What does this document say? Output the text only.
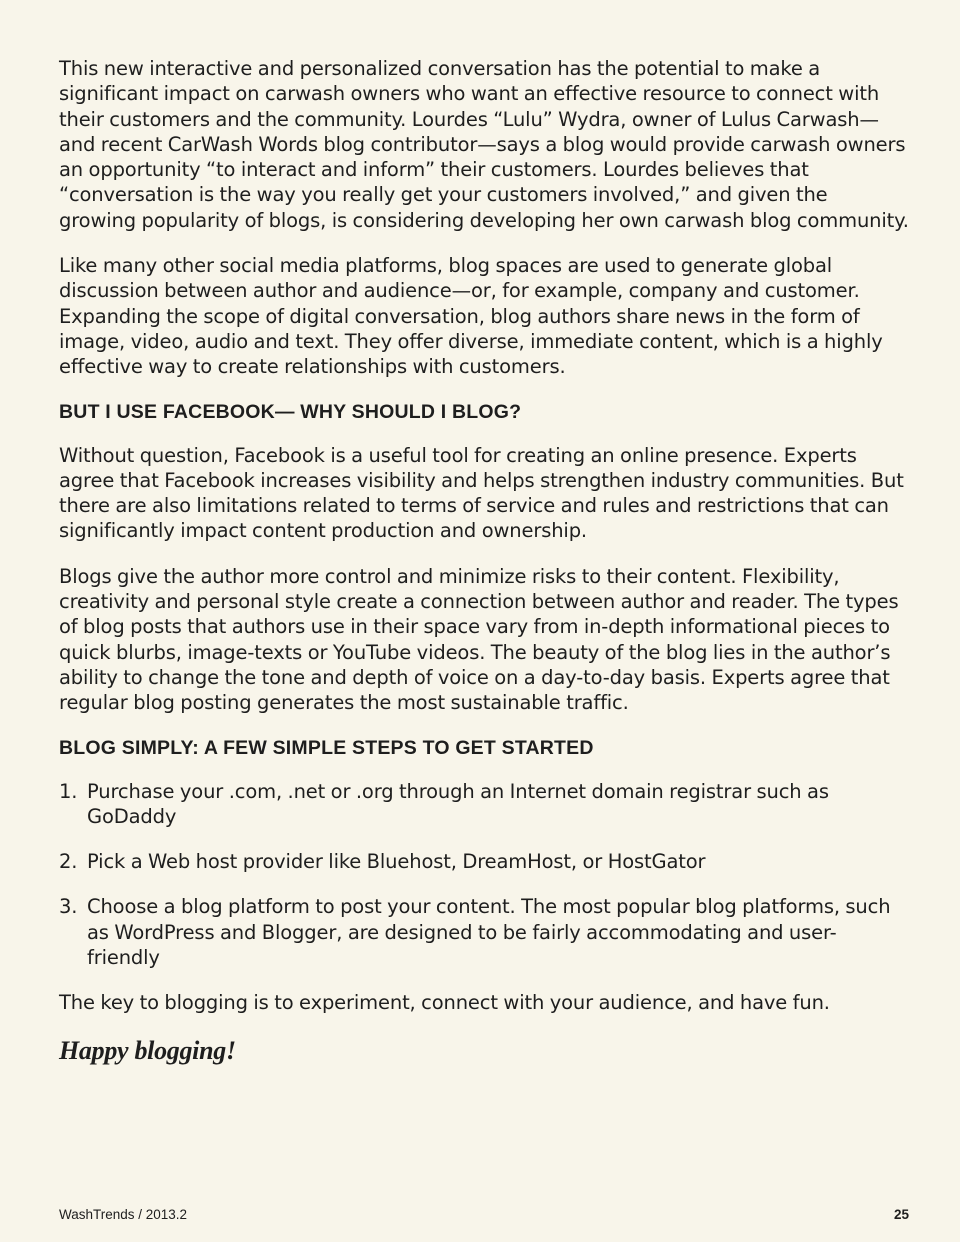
This new interactive and personalized conversation has the potential to make a significant impact on carwash owners who want an effective resource to connect with their customers and the community. Lourdes “Lulu” Wydra, owner of Lulus Carwash—and recent CarWash Words blog contributor—says a blog would provide carwash owners an opportunity “to interact and inform” their customers. Lourdes believes that “conversation is the way you really get your customers involved,” and given the growing popularity of blogs, is considering developing her own carwash blog community.

Like many other social media platforms, blog spaces are used to generate global discussion between author and audience—or, for example, company and customer. Expanding the scope of digital conversation, blog authors share news in the form of image, video, audio and text. They offer diverse, immediate content, which is a highly effective way to create relationships with customers.

BUT I USE FACEBOOK— WHY SHOULD I BLOG?

Without question, Facebook is a useful tool for creating an online presence. Experts agree that Facebook increases visibility and helps strengthen industry communities. But there are also limitations related to terms of service and rules and restrictions that can significantly impact content production and ownership.

Blogs give the author more control and minimize risks to their content. Flexibility, creativity and personal style create a connection between author and reader. The types of blog posts that authors use in their space vary from in-depth informational pieces to quick blurbs, image-texts or YouTube videos. The beauty of the blog lies in the author’s ability to change the tone and depth of voice on a day-to-day basis. Experts agree that regular blog posting generates the most sustainable traffic.

BLOG SIMPLY: A FEW SIMPLE STEPS TO GET STARTED
1. Purchase your .com, .net or .org through an Internet domain registrar such as GoDaddy
2. Pick a Web host provider like Bluehost, DreamHost, or HostGator
3. Choose a blog platform to post your content. The most popular blog platforms, such as WordPress and Blogger, are designed to be fairly accommodating and user-friendly

The key to blogging is to experiment, connect with your audience, and have fun.

Happy blogging!
WashTrends / 2013.2	25
